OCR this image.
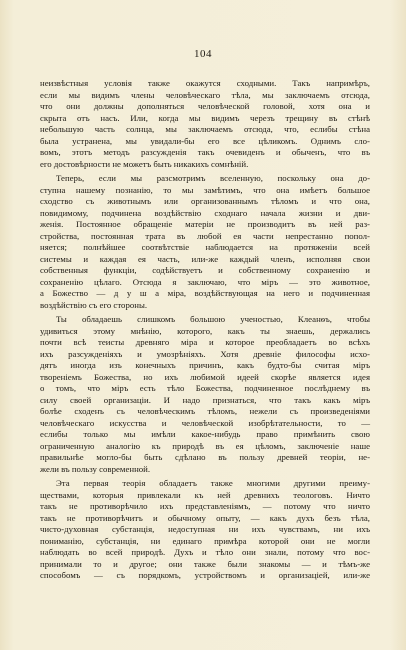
104
неизвѣстныя условія также окажутся сходными. Такъ напримѣръ,
если мы видимъ члены человѣческаго тѣла, мы заключаемъ отсюда,
что они должны дополняться человѣческой головой, хотя она и
скрыта отъ насъ. Или, когда мы видимъ черезъ трещину въ стѣнѣ
небольшую часть солнца, мы заключаемъ отсюда, что, еслибы стѣна
была устранена, мы увидали-бы его все цѣликомъ. Однимъ сло-
вомъ, этотъ методъ разсужденія такъ очевиденъ и обыченъ, что въ
его достовѣрности не можетъ быть никакихъ сомнѣній.
Теперь, если мы разсмотримъ вселенную, поскольку она до-
ступна нашему познанію, то мы замѣтимъ, что она имѣетъ большое
сходство съ животнымъ или организованнымъ тѣломъ и что она,
повидимому, подчинена воздѣйствію сходнаго начала жизни и дви-
женія. Постоянное обращеніе матеріи не производитъ въ ней раз-
стройства, постоянная трата въ любой ея части непрестанно попол-
няется; полнѣйшее соотвѣтствіе наблюдается на протяженіи всей
системы и каждая ея часть, или-же каждый членъ, исполняя свои
собственныя функціи, содѣйствуетъ и собственному сохраненію и
сохраненію цѣлаго. Отсюда я заключаю, что міръ — это животное,
а Божество — д у ш а міра, воздѣйствующая на него и подчиненная
воздѣйствію съ его стороны.
Ты обладаешь слишкомъ большою ученостью, Клеанѳъ, чтобы
удивиться этому мнѣнію, которого, какъ ты знаешь, держались
почти всѣ теисты древняго міра и которое преобладаетъ во всѣхъ
ихъ разсужденіяхъ и умозрѣніяхъ. Хотя древніе философы исхо-
дятъ иногда изъ конечныхъ причинъ, какъ будто-бы считая міръ
твореніемъ Божества, но ихъ любимой идеей скорѣе является идея
о томъ, что міръ есть тѣло Божества, подчиненное послѣднему въ
силу своей организаціи. И надо признаться, что такъ какъ міръ
болѣе сходенъ съ человѣческимъ тѣломъ, нежели съ произведеніями
человѣческаго искусства и человѣческой изобрѣтательности, то —
еслибы только мы имѣли какое-нибудь право примѣнить свою
ограниченную аналогію къ природѣ въ ея цѣломъ, заключеніе наше
правильнѣе могло-бы быть сдѣлано въ пользу древней теоріи, не-
жели въ пользу современной.
Эта первая теорія обладаетъ также многими другими преиму-
ществами, которыя привлекали къ ней древнихъ теологовъ. Ничто
такъ не противорѣчило ихъ представленіямъ, — потому что ничто
такъ не противорѣчитъ и обычному опыту, — какъ духъ безъ тѣла,
чисто-духовная субстанція, недоступная ни ихъ чувствамъ, ни ихъ
пониманію, субстанція, ни единаго примѣра которой они не могли
наблюдать во всей природѣ. Духъ и тѣло они знали, потому что вос-
принимали то и другое; они также были знакомы — и тѣмъ-же
способомъ — съ порядкомъ, устройствомъ и организаціей, или-же
